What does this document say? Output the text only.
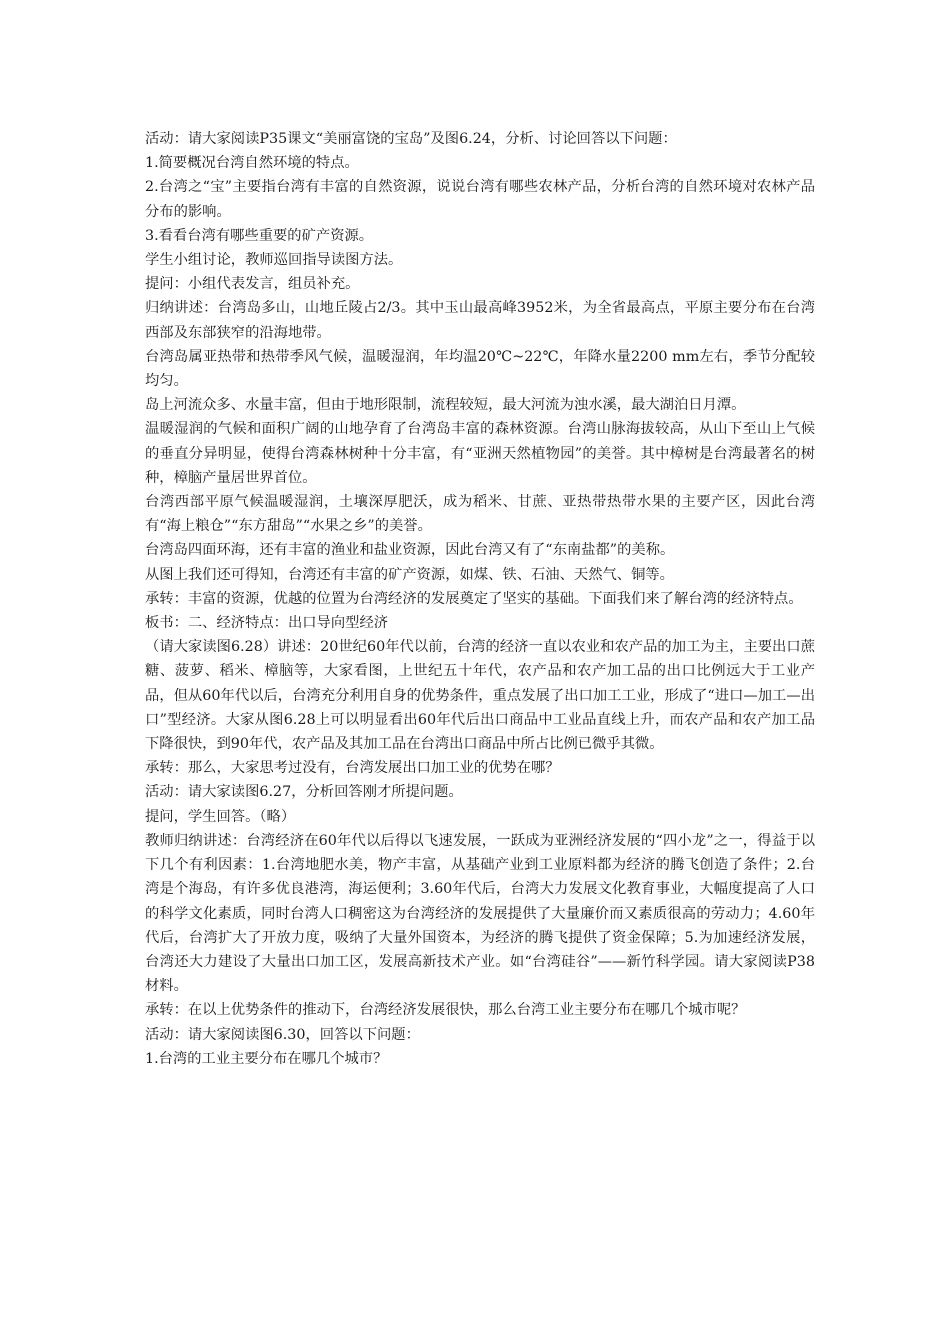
活动：请大家阅读P35课文“美丽富饶的宝岛”及图6.24，分析、讨论回答以下问题：

1.简要概况台湾自然环境的特点。

2.台湾之“宝”主要指台湾有丰富的自然资源，说说台湾有哪些农林产品，分析台湾的自然环境对农林产品分布的影响。

3.看看台湾有哪些重要的矿产资源。

学生小组讨论，教师巡回指导读图方法。

提问：小组代表发言，组员补充。

归纳讲述：台湾岛多山，山地丘陵占2/3。其中玉山最高峰3952米，为全省最高点，平原主要分布在台湾西部及东部狭窄的沿海地带。

台湾岛属亚热带和热带季风气候，温暖湿润，年均温20℃~22℃，年降水量2200 mm左右，季节分配较均匀。

岛上河流众多、水量丰富，但由于地形限制，流程较短，最大河流为浊水溪，最大湖泊日月潭。

温暖湿润的气候和面积广阔的山地孕育了台湾岛丰富的森林资源。台湾山脉海拔较高，从山下至山上气候的垂直分异明显，使得台湾森林树种十分丰富，有“亚洲天然植物园”的美誉。其中樟树是台湾最著名的树种，樟脑产量居世界首位。

台湾西部平原气候温暖湿润，土壤深厚肥沃，成为稻米、甘蔗、亚热带热带水果的主要产区，因此台湾有“海上粮仓”“东方甜岛”“水果之乡”的美誉。

台湾岛四面环海，还有丰富的渔业和盐业资源，因此台湾又有了“东南盐都”的美称。

从图上我们还可得知，台湾还有丰富的矿产资源，如煤、铁、石油、天然气、铜等。

承转：丰富的资源，优越的位置为台湾经济的发展奠定了坚实的基础。下面我们来了解台湾的经济特点。

板书：二、经济特点：出口导向型经济

（请大家读图6.28）讲述：20世纪60年代以前，台湾的经济一直以农业和农产品的加工为主，主要出口蔗糖、菠萝、稻米、樟脑等，大家看图，上世纪五十年代，农产品和农产加工品的出口比例远大于工业产品，但从60年代以后，台湾充分利用自身的优势条件，重点发展了出口加工工业，形成了“进口—加工—出口”型经济。大家从图6.28上可以明显看出60年代后出口商品中工业品直线上升，而农产品和农产加工品下降很快，到90年代，农产品及其加工品在台湾出口商品中所占比例已微乎其微。

承转：那么，大家思考过没有，台湾发展出口加工业的优势在哪？

活动：请大家读图6.27，分析回答刚才所提问题。

提问，学生回答。（略）

教师归纳讲述：台湾经济在60年代以后得以飞速发展，一跃成为亚洲经济发展的“四小龙”之一，得益于以下几个有利因素：1.台湾地肥水美，物产丰富，从基础产业到工业原料都为经济的腾飞创造了条件；2.台湾是个海岛，有许多优良港湾，海运便利；3.60年代后，台湾大力发展文化教育事业，大幅度提高了人口的科学文化素质，同时台湾人口稠密这为台湾经济的发展提供了大量廉价而又素质很高的劳动力；4.60年代后，台湾扩大了开放力度，吸纳了大量外国资本，为经济的腾飞提供了资金保障；5.为加速经济发展，台湾还大力建设了大量出口加工区，发展高新技术产业。如“台湾硅谷”——新竹科学园。请大家阅读P38材料。

承转：在以上优势条件的推动下，台湾经济发展很快，那么台湾工业主要分布在哪几个城市呢？

活动：请大家阅读图6.30，回答以下问题：

1.台湾的工业主要分布在哪几个城市？
